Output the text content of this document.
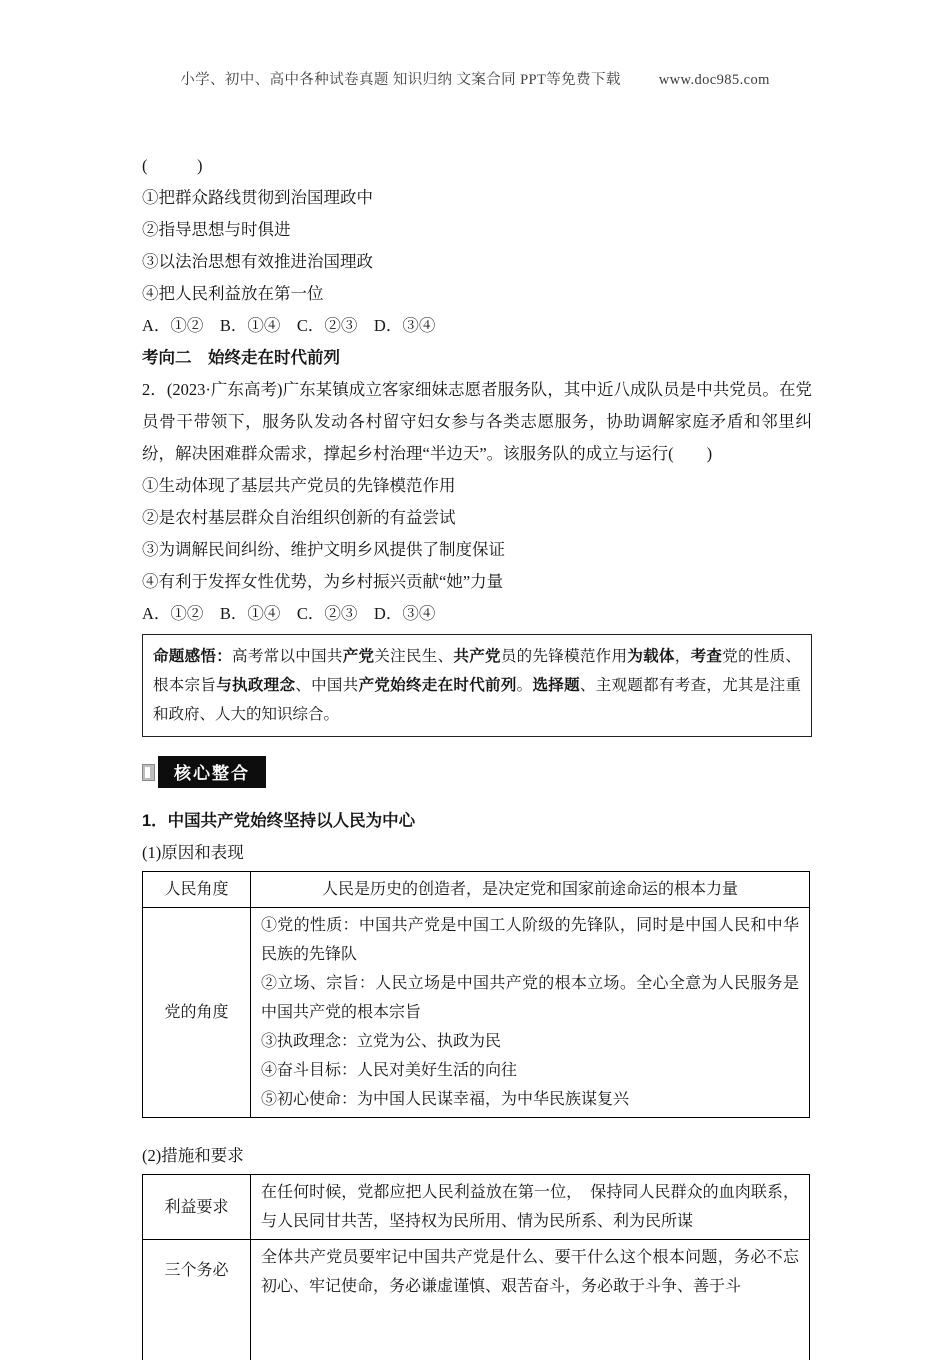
小学、初中、高中各种试卷真题 知识归纳 文案合同 PPT等免费下载	www.doc985.com
(　　　)
①把群众路线贯彻到治国理政中
②指导思想与时俱进
③以法治思想有效推进治国理政
④把人民利益放在第一位
A．①②　B．①④　C．②③　D．③④
考向二　始终走在时代前列

2．(2023·广东高考)广东某镇成立客家细妹志愿者服务队，其中近八成队员是中共党员。在党员骨干带领下，服务队发动各村留守妇女参与各类志愿服务，协助调解家庭矛盾和邻里纠纷，解决困难群众需求，撑起乡村治理“半边天”。该服务队的成立与运行(　　)

①生动体现了基层共产党员的先锋模范作用
②是农村基层群众自治组织创新的有益尝试
③为调解民间纠纷、维护文明乡风提供了制度保证
④有利于发挥女性优势，为乡村振兴贡献“她”力量
A．①②　B．①④　C．②③　D．③④

命题感悟：高考常以中国共产党关注民生、共产党员的先锋模范作用为载体，考查党的性质、根本宗旨与执政理念、中国共产党始终走在时代前列。选择题、主观题都有考查，尤其是注重和政府、人大的知识综合。

核心整合
1．中国共产党始终坚持以人民为中心
(1)原因和表现
人民角度	人民是历史的创造者，是决定党和国家前途命运的根本力量
党的角度	①党的性质：中国共产党是中国工人阶级的先锋队，同时是中国人民和中华民族的先锋队
②立场、宗旨：人民立场是中国共产党的根本立场。全心全意为人民服务是中国共产党的根本宗旨
③执政理念：立党为公、执政为民
④奋斗目标：人民对美好生活的向往
⑤初心使命：为中国人民谋幸福，为中华民族谋复兴
(2)措施和要求
利益要求	在任何时候，党都应把人民利益放在第一位，　保持同人民群众的血肉联系，与人民同甘共苦，坚持权为民所用、情为民所系、利为民所谋
三个务必	全体共产党员要牢记中国共产党是什么、要干什么这个根本问题，务必不忘初心、牢记使命，务必谦虚谨慎、艰苦奋斗，务必敢于斗争、善于斗
